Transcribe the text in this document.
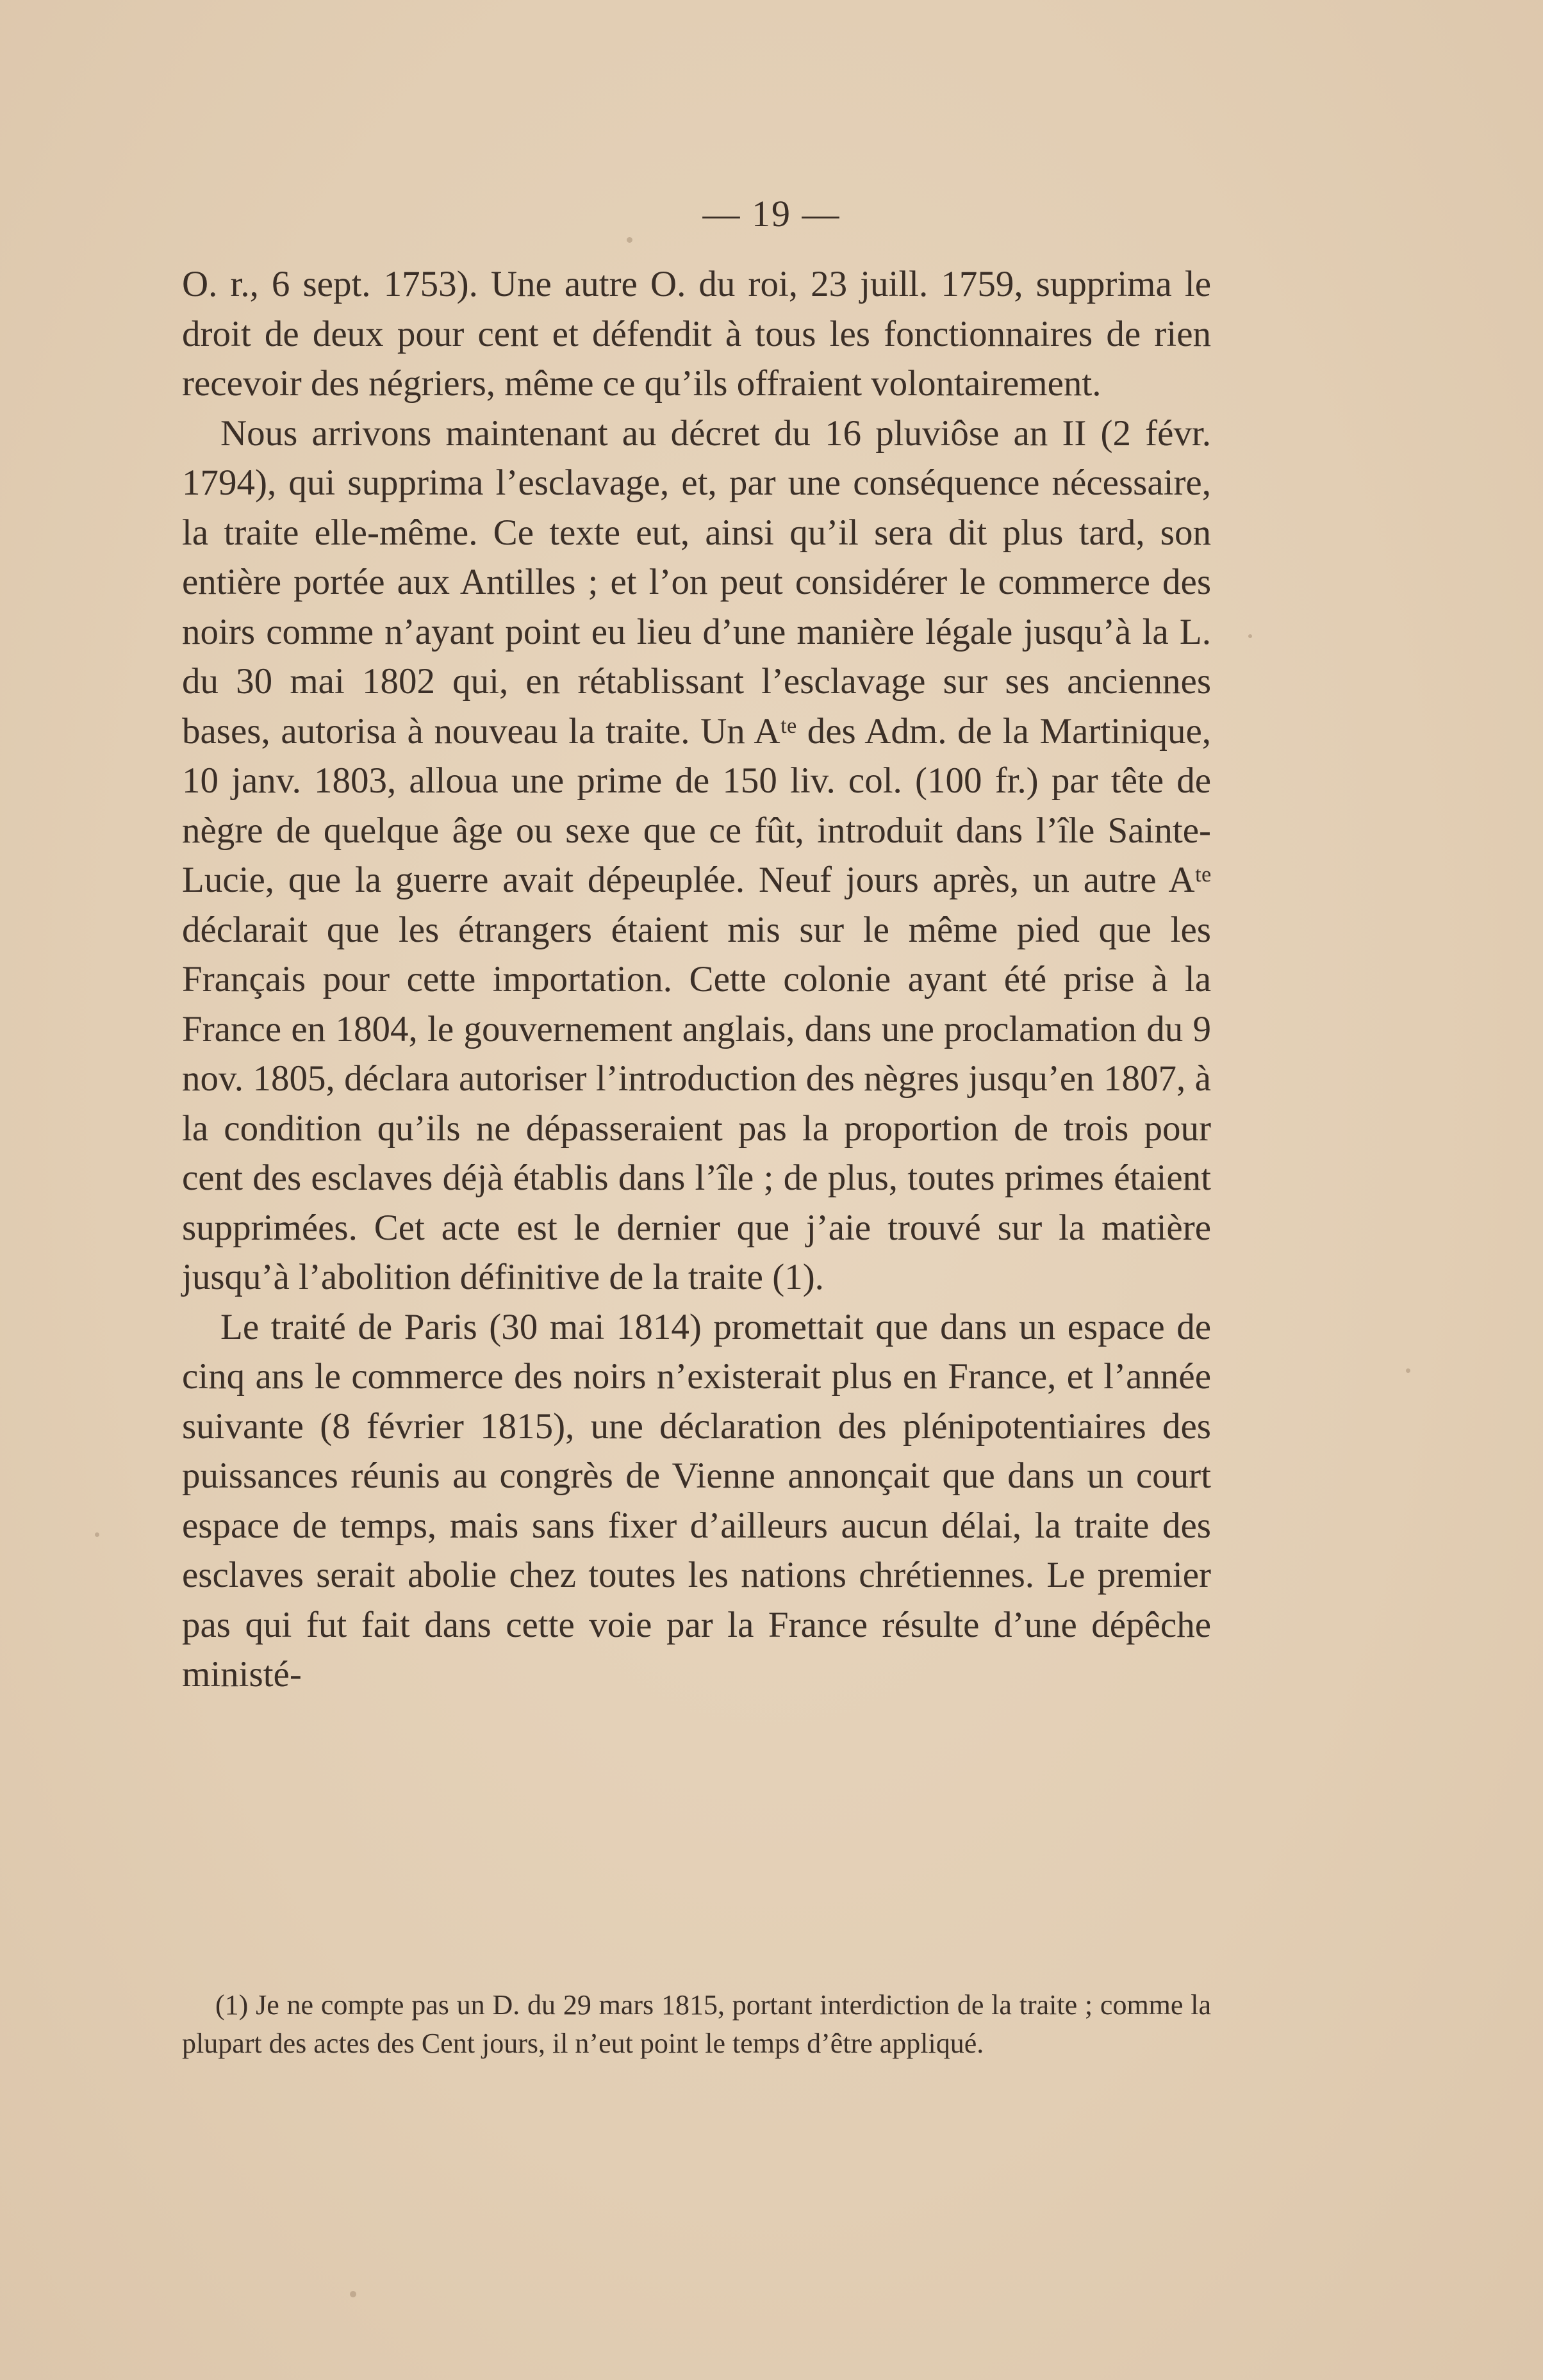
— 19 —

O. r., 6 sept. 1753). Une autre O. du roi, 23 juill. 1759, supprima le droit de deux pour cent et défendit à tous les fonctionnaires de rien recevoir des négriers, même ce qu’ils offraient volontairement.

Nous arrivons maintenant au décret du 16 pluviôse an II (2 févr. 1794), qui supprima l’esclavage, et, par une conséquence nécessaire, la traite elle-même. Ce texte eut, ainsi qu’il sera dit plus tard, son entière portée aux Antilles ; et l’on peut considérer le commerce des noirs comme n’ayant point eu lieu d’une manière légale jusqu’à la L. du 30 mai 1802 qui, en rétablissant l’esclavage sur ses anciennes bases, autorisa à nouveau la traite. Un Aᵗᵉ des Adm. de la Martinique, 10 janv. 1803, alloua une prime de 150 liv. col. (100 fr.) par tête de nègre de quelque âge ou sexe que ce fût, introduit dans l’île Sainte-Lucie, que la guerre avait dépeuplée. Neuf jours après, un autre Aᵗᵉ déclarait que les étrangers étaient mis sur le même pied que les Français pour cette importation. Cette colonie ayant été prise à la France en 1804, le gouvernement anglais, dans une proclamation du 9 nov. 1805, déclara autoriser l’introduction des nègres jusqu’en 1807, à la condition qu’ils ne dépasseraient pas la proportion de trois pour cent des esclaves déjà établis dans l’île ; de plus, toutes primes étaient supprimées. Cet acte est le dernier que j’aie trouvé sur la matière jusqu’à l’abolition définitive de la traite (1).

Le traité de Paris (30 mai 1814) promettait que dans un espace de cinq ans le commerce des noirs n’existerait plus en France, et l’année suivante (8 février 1815), une déclaration des plénipotentiaires des puissances réunis au congrès de Vienne annonçait que dans un court espace de temps, mais sans fixer d’ailleurs aucun délai, la traite des esclaves serait abolie chez toutes les nations chrétiennes. Le premier pas qui fut fait dans cette voie par la France résulte d’une dépêche ministé-

(1) Je ne compte pas un D. du 29 mars 1815, portant interdiction de la traite ; comme la plupart des actes des Cent jours, il n’eut point le temps d’être appliqué.
